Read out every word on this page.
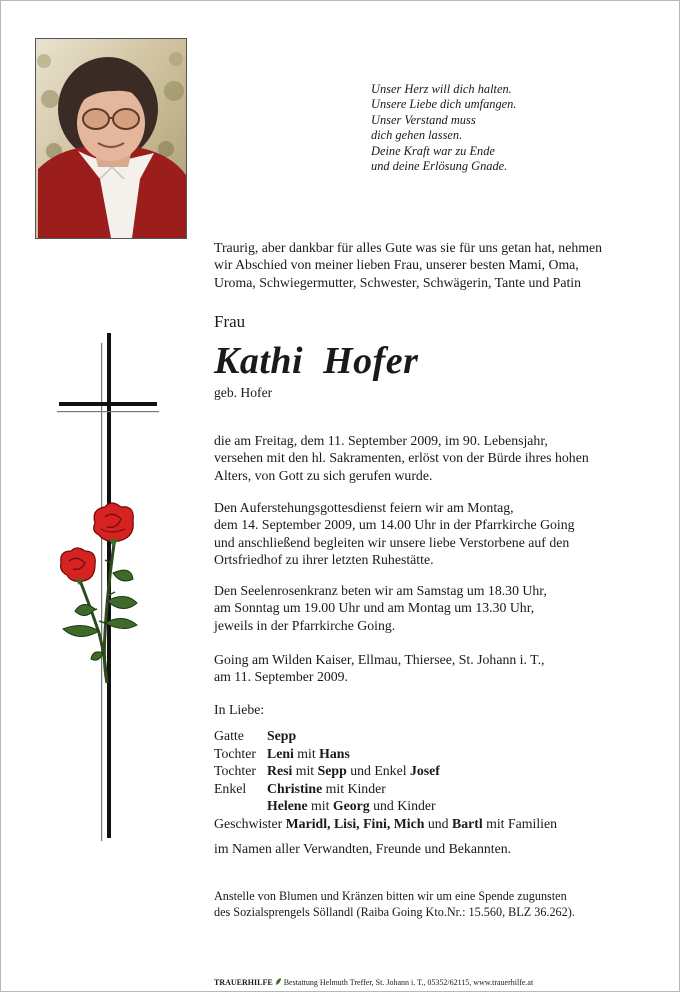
Unser Herz will dich halten.
Unsere Liebe dich umfangen.
Unser Verstand muss
dich gehen lassen.
Deine Kraft war zu Ende
und deine Erlösung Gnade.
Traurig, aber dankbar für alles Gute was sie für uns getan hat, nehmen
wir Abschied von meiner lieben Frau, unserer besten Mami, Oma,
Uroma, Schwiegermutter, Schwester, Schwägerin, Tante und Patin
Frau
Kathi  Hofer
geb. Hofer
die am Freitag, dem 11. September 2009, im 90. Lebensjahr,
versehen mit den hl. Sakramenten, erlöst von der Bürde ihres hohen
Alters, von Gott zu sich gerufen wurde.
Den Auferstehungsgottesdienst feiern wir am Montag,
dem 14. September 2009, um 14.00 Uhr in der Pfarrkirche Going
und anschließend begleiten wir unsere liebe Verstorbene auf den
Ortsfriedhof zu ihrer letzten Ruhestätte.
Den Seelenrosenkranz beten wir am Samstag um 18.30 Uhr,
am Sonntag um 19.00 Uhr und am Montag um 13.30 Uhr,
jeweils in der Pfarrkirche Going.
Going am Wilden Kaiser, Ellmau, Thiersee, St. Johann i. T.,
am 11. September 2009.
In Liebe:
Gatte Sepp
Tochter Leni mit Hans
Tochter Resi mit Sepp und Enkel Josef
Enkel Christine mit Kinder
Helene mit Georg und Kinder
Geschwister Maridl, Lisi, Fini, Mich und Bartl mit Familien
im Namen aller Verwandten, Freunde und Bekannten.
Anstelle von Blumen und Kränzen bitten wir um eine Spende zugunsten
des Sozialsprengels Söllandl (Raiba Going Kto.Nr.: 15.560, BLZ 36.262).
TRAUERHILFE  Bestattung Helmuth Treffer, St. Johann i. T., 05352/62115, www.trauerhilfe.at
